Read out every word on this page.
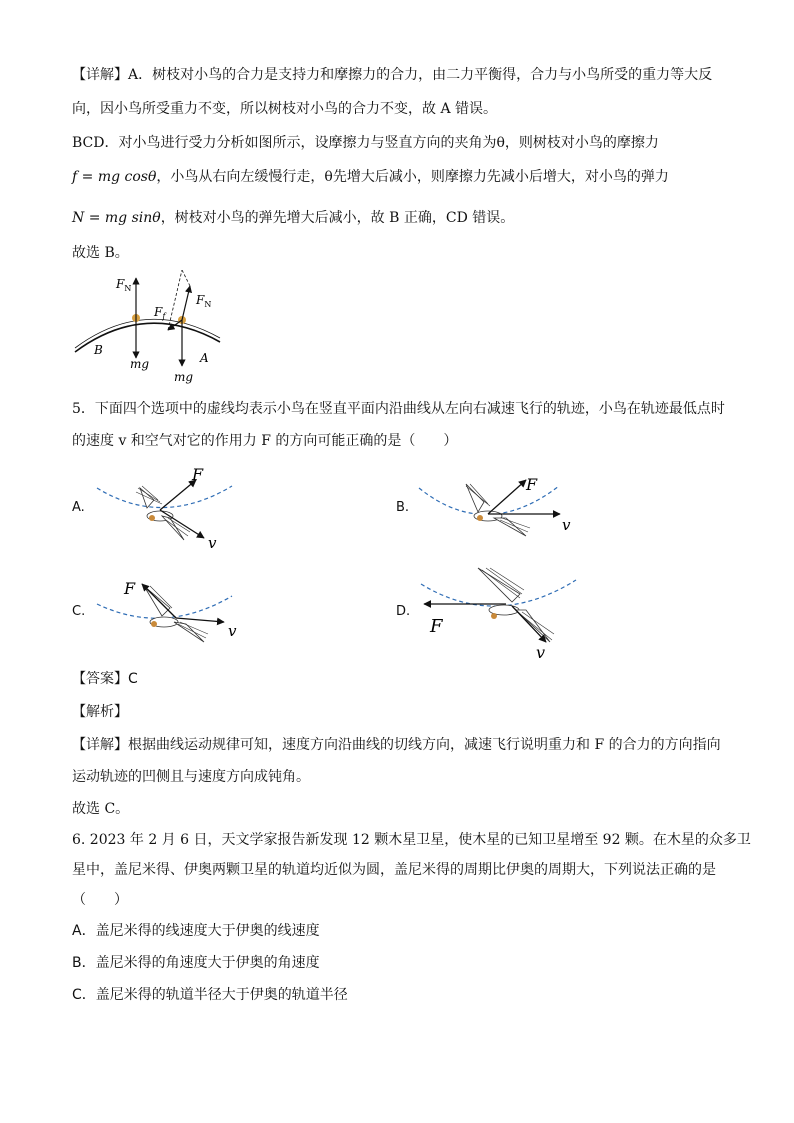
【详解】A．树枝对小鸟的合力是支持力和摩擦力的合力，由二力平衡得，合力与小鸟所受的重力等大反
向，因小鸟所受重力不变，所以树枝对小鸟的合力不变，故 A 错误。
BCD．对小鸟进行受力分析如图所示，设摩擦力与竖直方向的夹角为θ，则树枝对小鸟的摩擦力
f = mg cosθ，小鸟从右向左缓慢行走，θ先增大后减小，则摩擦力先减小后增大，对小鸟的弹力
N = mg sinθ，树枝对小鸟的弹先增大后减小，故 B 正确，CD 错误。
故选 B。
$F_N$
$F_f$
$F_N$
mg
mg
B
A
5．下面四个选项中的虚线均表示小鸟在竖直平面内沿曲线从左向右减速飞行的轨迹，小鸟在轨迹最低点时
的速度 v 和空气对它的作用力 F 的方向可能正确的是（　　）
A.
F
v
B.
F
v
C.
F
v
D.
F
v
【答案】C
【解析】
【详解】根据曲线运动规律可知，速度方向沿曲线的切线方向，减速飞行说明重力和 F 的合力的方向指向
运动轨迹的凹侧且与速度方向成钝角。
故选 C。
6. 2023 年 2 月 6 日，天文学家报告新发现 12 颗木星卫星，使木星的已知卫星增至 92 颗。在木星的众多卫
星中，盖尼米得、伊奥两颗卫星的轨道均近似为圆，盖尼米得的周期比伊奥的周期大，下列说法正确的是
（　　）
A．盖尼米得的线速度大于伊奥的线速度
B．盖尼米得的角速度大于伊奥的角速度
C．盖尼米得的轨道半径大于伊奥的轨道半径
